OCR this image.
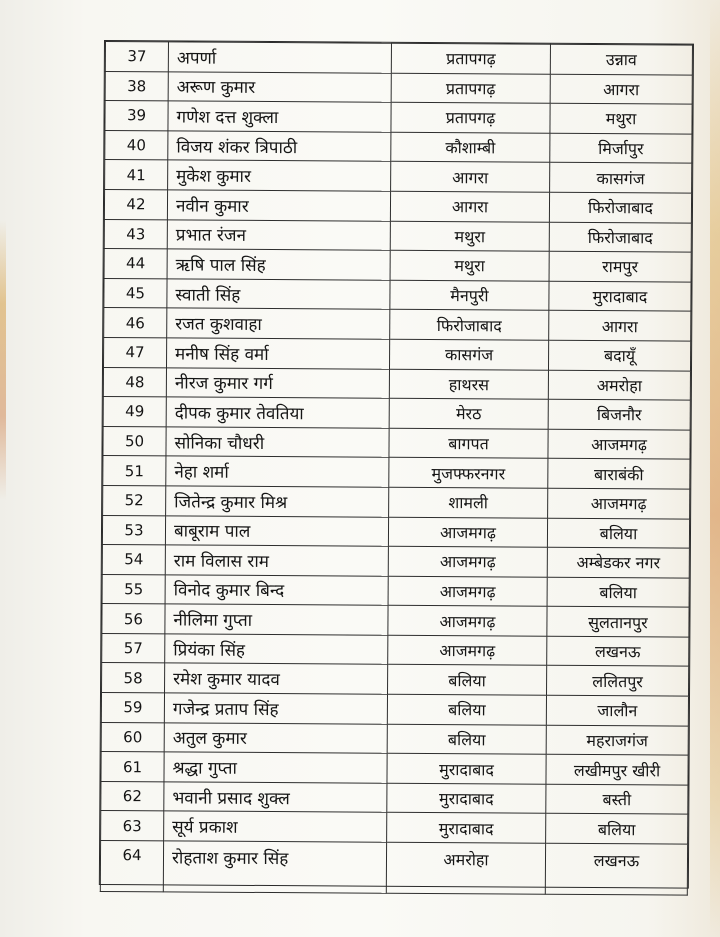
37	अपर्णा	प्रतापगढ़	उन्नाव
38	अरूण कुमार	प्रतापगढ़	आगरा
39	गणेश दत्त शुक्ला	प्रतापगढ़	मथुरा
40	विजय शंकर त्रिपाठी	कौशाम्बी	मिर्जापुर
41	मुकेश कुमार	आगरा	कासगंज
42	नवीन कुमार	आगरा	फिरोजाबाद
43	प्रभात रंजन	मथुरा	फिरोजाबाद
44	ऋषि पाल सिंह	मथुरा	रामपुर
45	स्वाती सिंह	मैनपुरी	मुरादाबाद
46	रजत कुशवाहा	फिरोजाबाद	आगरा
47	मनीष सिंह वर्मा	कासगंज	बदायूँ
48	नीरज कुमार गर्ग	हाथरस	अमरोहा
49	दीपक कुमार तेवतिया	मेरठ	बिजनौर
50	सोनिका चौधरी	बागपत	आजमगढ़
51	नेहा शर्मा	मुजफ्फरनगर	बाराबंकी
52	जितेन्द्र कुमार मिश्र	शामली	आजमगढ़
53	बाबूराम पाल	आजमगढ़	बलिया
54	राम विलास राम	आजमगढ़	अम्बेडकर नगर
55	विनोद कुमार बिन्द	आजमगढ़	बलिया
56	नीलिमा गुप्ता	आजमगढ़	सुलतानपुर
57	प्रियंका सिंह	आजमगढ़	लखनऊ
58	रमेश कुमार यादव	बलिया	ललितपुर
59	गजेन्द्र प्रताप सिंह	बलिया	जालौन
60	अतुल कुमार	बलिया	महराजगंज
61	श्रद्धा गुप्ता	मुरादाबाद	लखीमपुर खीरी
62	भवानी प्रसाद शुक्ल	मुरादाबाद	बस्ती
63	सूर्य प्रकाश	मुरादाबाद	बलिया
64	रोहताश कुमार सिंह	अमरोहा	लखनऊ
